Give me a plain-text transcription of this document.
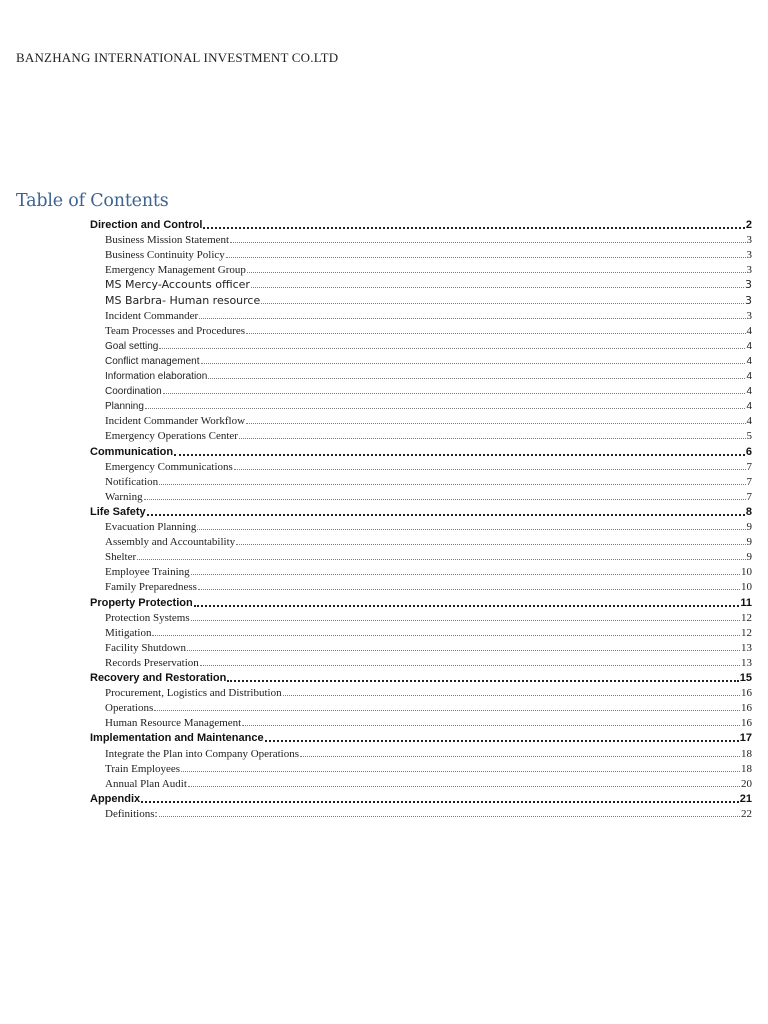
BANZHANG INTERNATIONAL INVESTMENT CO.LTD
Table of Contents
Direction and Control	2
Business Mission Statement	3
Business Continuity Policy	3
Emergency Management Group	3
MS Mercy-Accounts officer	3
MS Barbra- Human resource	3
Incident Commander	3
Team Processes and Procedures	4
Goal setting	4
Conflict management	4
Information elaboration	4
Coordination	4
Planning	4
Incident Commander Workflow	4
Emergency Operations Center	5
Communication	6
Emergency Communications	7
Notification	7
Warning	7
Life Safety	8
Evacuation Planning	9
Assembly and Accountability	9
Shelter	9
Employee Training	10
Family Preparedness	10
Property Protection	11
Protection Systems	12
Mitigation	12
Facility Shutdown	13
Records Preservation	13
Recovery and Restoration	15
Procurement, Logistics and Distribution	16
Operations	16
Human Resource Management	16
Implementation and Maintenance	17
Integrate the Plan into Company Operations	18
Train Employees	18
Annual Plan Audit	20
Appendix	21
Definitions:	22
